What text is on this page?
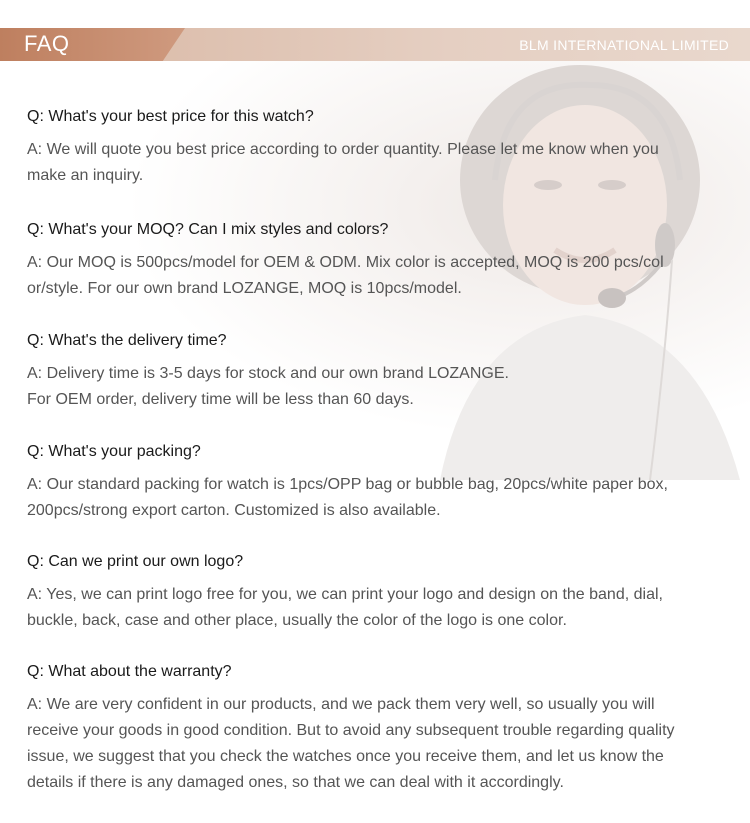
FAQ	BLM INTERNATIONAL LIMITED

Q: What's your best price for this watch?

A: We will quote you best price according to order quantity. Please let me know when you
make an inquiry.

Q: What's your MOQ? Can I mix styles and colors?

A: Our MOQ is 500pcs/model for OEM & ODM. Mix color is accepted, MOQ is 200 pcs/col
or/style. For our own brand LOZANGE, MOQ is 10pcs/model.

Q: What's the delivery time?

A: Delivery time is 3-5 days for stock and our own brand LOZANGE.
For OEM order, delivery time will be less than 60 days.

Q: What's your packing?

A: Our standard packing for watch is 1pcs/OPP bag or bubble bag, 20pcs/white paper box,
200pcs/strong export carton. Customized is also available.

Q: Can we print our own logo?

A: Yes, we can print logo free for you, we can print your logo and design on the band, dial,
buckle, back, case and other place, usually the color of the logo is one color.

Q: What about the warranty?

A: We are very confident in our products, and we pack them very well, so usually you will
receive your goods in good condition. But to avoid any subsequent trouble regarding quality
issue, we suggest that you check the watches once you receive them, and let us know the
details if there is any damaged ones, so that we can deal with it accordingly.
